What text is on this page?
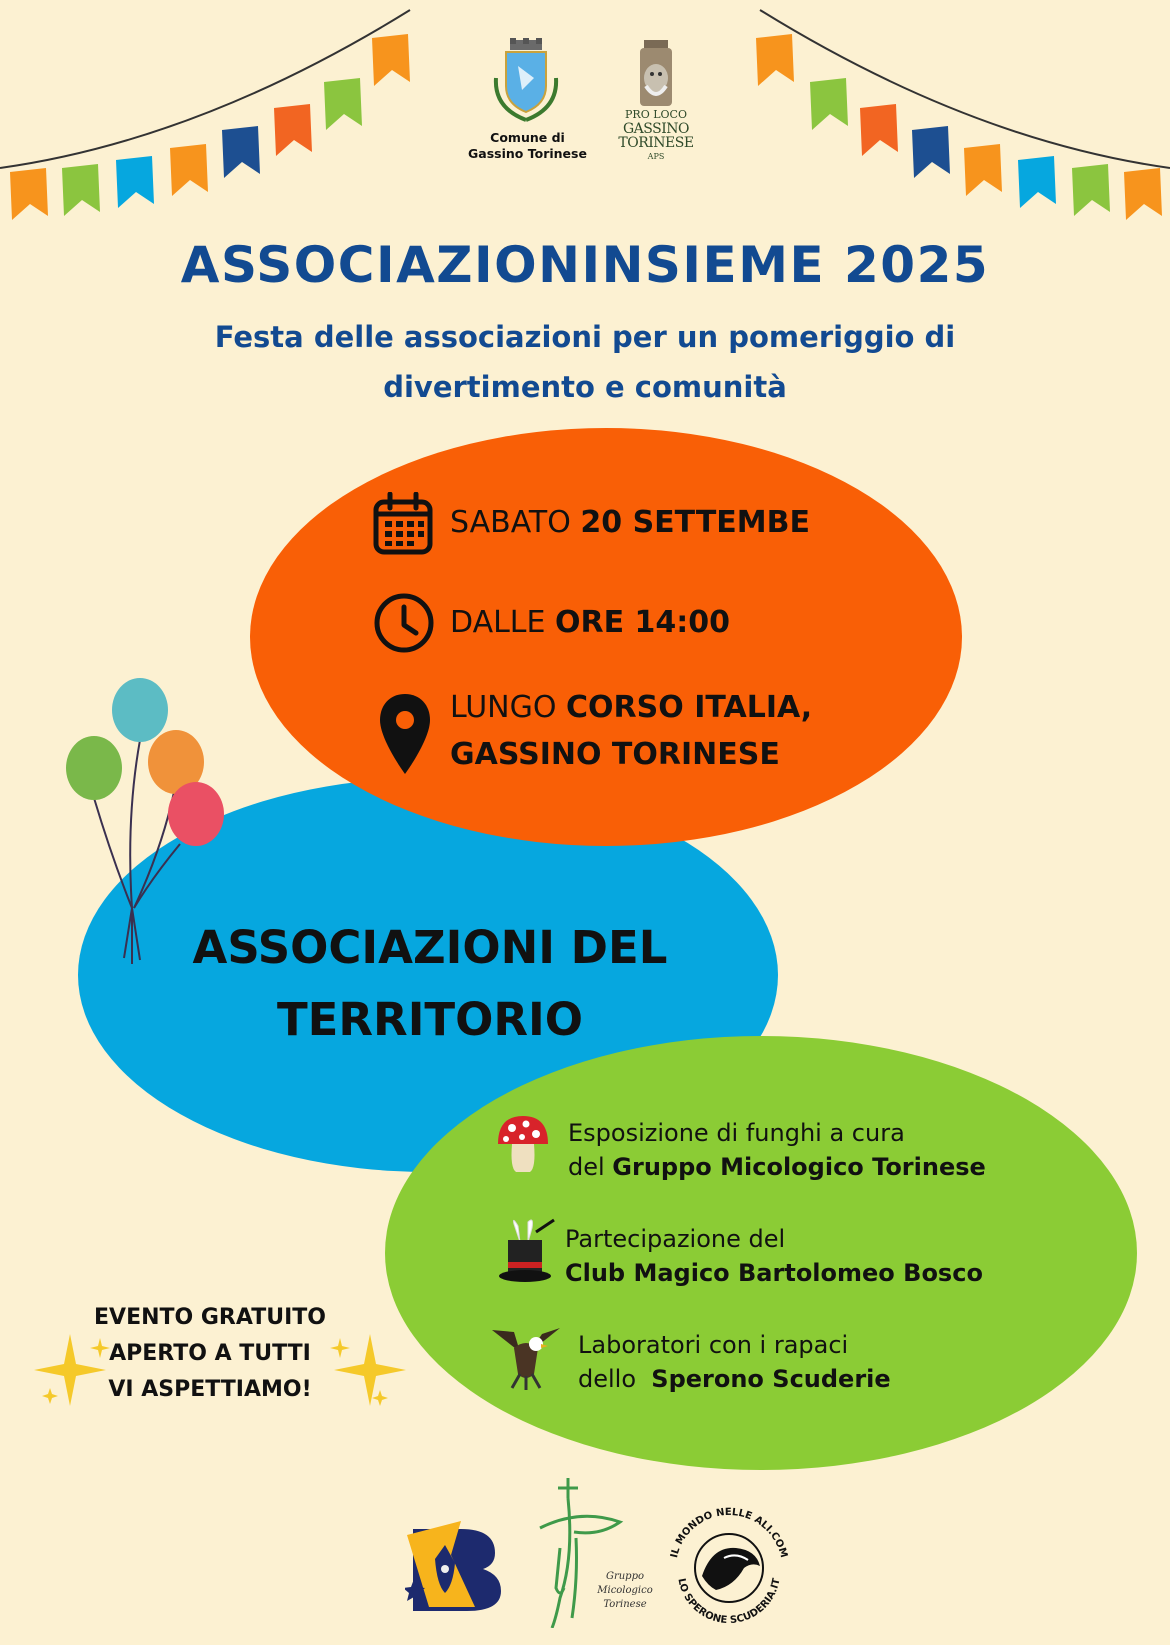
Comune di
Gassino Torinese
PRO LOCO
GASSINO
TORINESE
APS
ASSOCIAZIONINSIEME 2025
Festa delle associazioni per un pomeriggio di
divertimento e comunità
SABATO 20 SETTEMBE
DALLE ORE 14:00
LUNGO CORSO ITALIA,
GASSINO TORINESE
ASSOCIAZIONI DEL
TERRITORIO
Esposizione di funghi a cura
del Gruppo Micologico Torinese
Partecipazione del
Club Magico Bartolomeo Bosco
Laboratori con i rapaci
dello  Sperono Scuderie
EVENTO GRATUITO
APERTO A TUTTI
VI ASPETTIAMO!
Gruppo
Micologico
Torinese
IL MONDO NELLE ALI.COM
LO SPERONE SCUDERIA.IT
